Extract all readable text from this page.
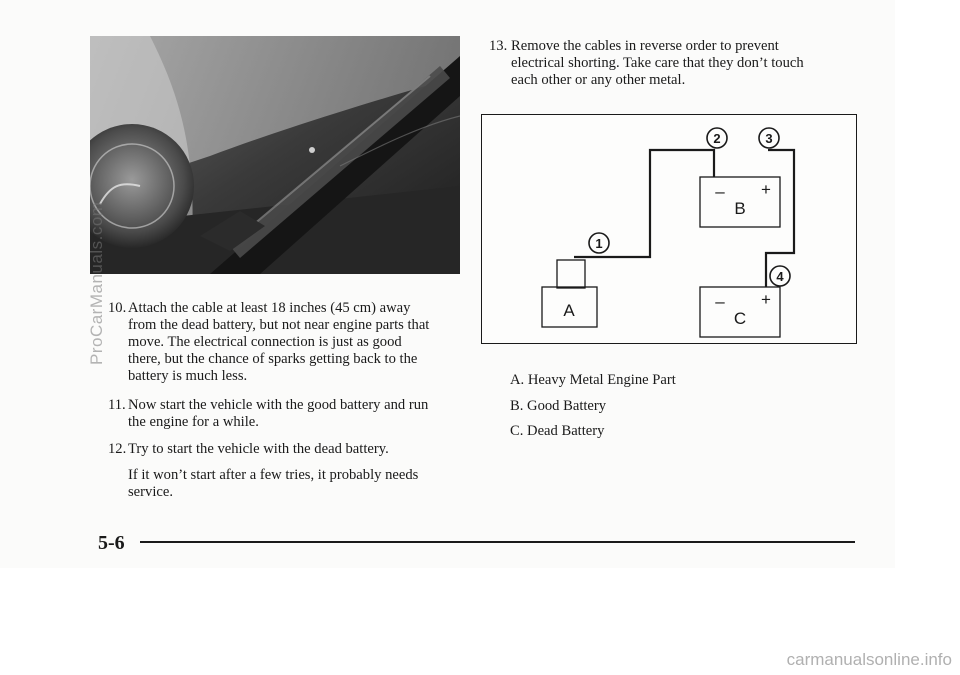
10. Attach the cable at least 18 inches (45 cm) away
from the dead battery, but not near engine parts that
move. The electrical connection is just as good
there, but the chance of sparks getting back to the
battery is much less.
11. Now start the vehicle with the good battery and run
the engine for a while.
12. Try to start the vehicle with the dead battery.
If it won’t start after a few tries, it probably needs
service.
13. Remove the cables in reverse order to prevent
electrical shorting. Take care that they don’t touch
each other or any other metal.
A
– +
B
– +
C
1
2	3
4
A. Heavy Metal Engine Part
B. Good Battery
C. Dead Battery
5-6
ProCarManuals.com
carmanualsonline.info
